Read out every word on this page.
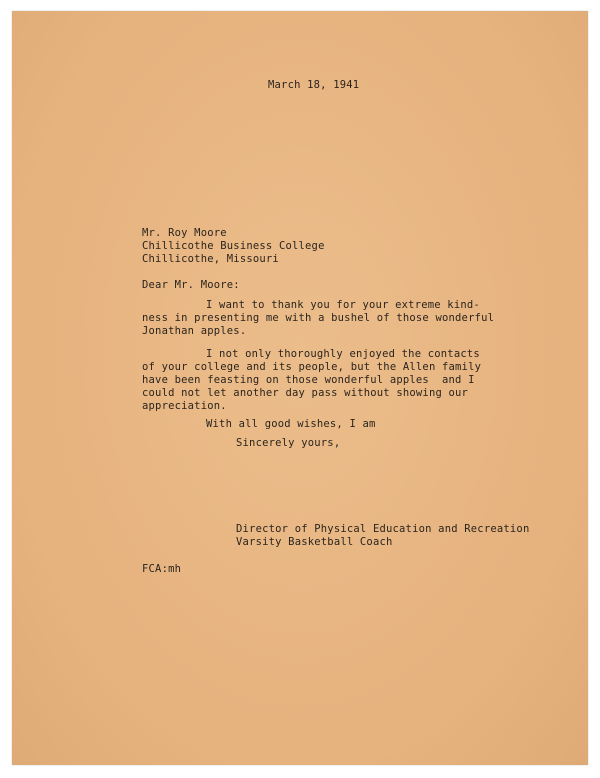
March 18, 1941
Mr. Roy Moore
Chillicothe Business College
Chillicothe, Missouri
Dear Mr. Moore:
I want to thank you for your extreme kind-
ness in presenting me with a bushel of those wonderful
Jonathan apples.
I not only thoroughly enjoyed the contacts
of your college and its people, but the Allen family
have been feasting on those wonderful apples  and I
could not let another day pass without showing our
appreciation.
With all good wishes, I am
Sincerely yours,
Director of Physical Education and Recreation
Varsity Basketball Coach
FCA:mh
